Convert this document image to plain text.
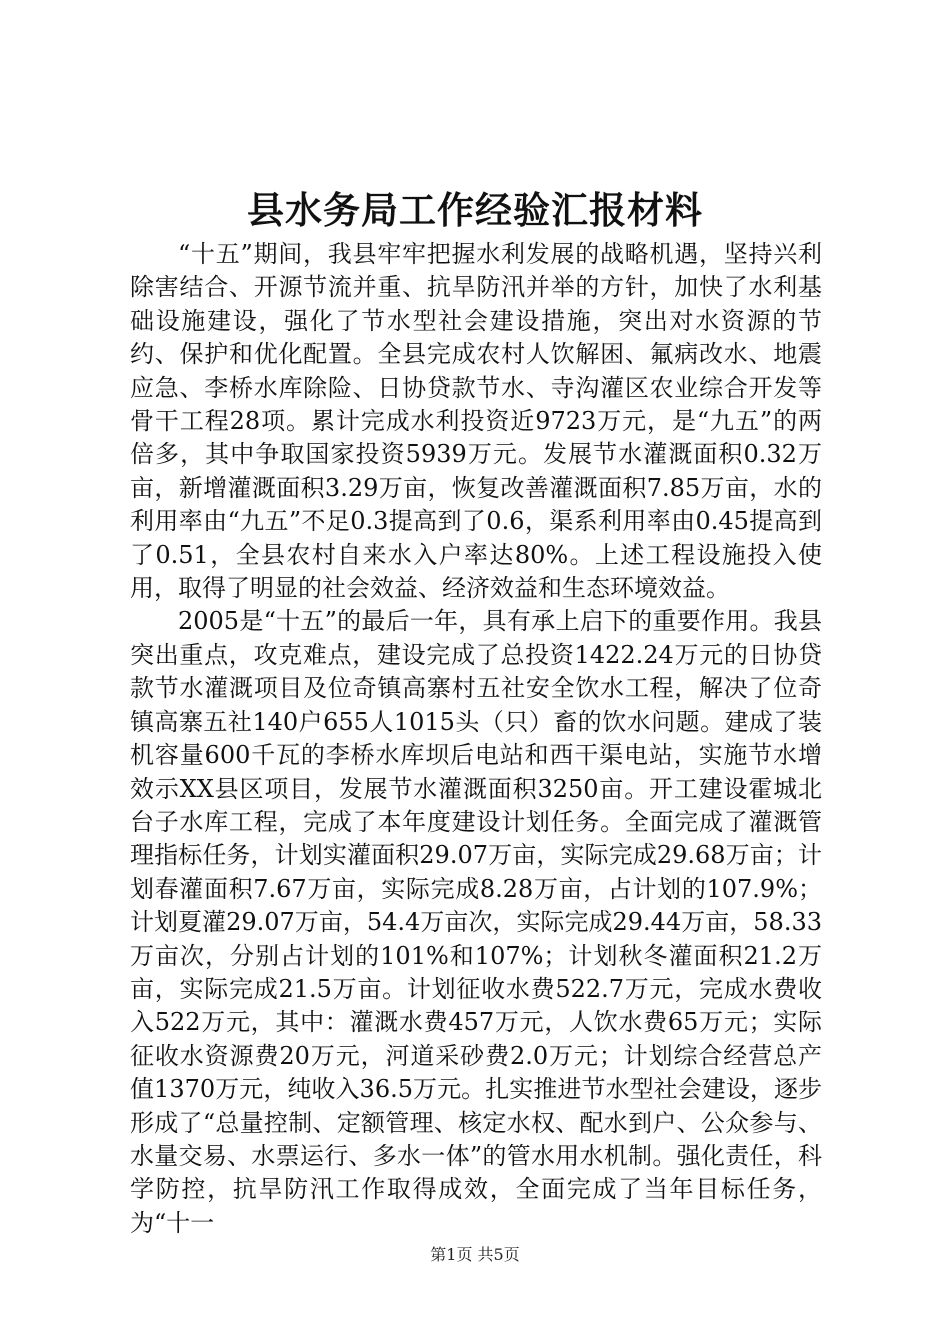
县水务局工作经验汇报材料

“十五”期间，我县牢牢把握水利发展的战略机遇，坚持兴利除害结合、开源节流并重、抗旱防汛并举的方针，加快了水利基础设施建设，强化了节水型社会建设措施，突出对水资源的节约、保护和优化配置。全县完成农村人饮解困、氟病改水、地震应急、李桥水库除险、日协贷款节水、寺沟灌区农业综合开发等骨干工程28项。累计完成水利投资近9723万元，是“九五”的两倍多，其中争取国家投资5939万元。发展节水灌溉面积0.32万亩，新增灌溉面积3.29万亩，恢复改善灌溉面积7.85万亩，水的利用率由“九五”不足0.3提高到了0.6，渠系利用率由0.45提高到了0.51，全县农村自来水入户率达80%。上述工程设施投入使用，取得了明显的社会效益、经济效益和生态环境效益。

2005是“十五”的最后一年，具有承上启下的重要作用。我县突出重点，攻克难点，建设完成了总投资1422.24万元的日协贷款节水灌溉项目及位奇镇高寨村五社安全饮水工程，解决了位奇镇高寨五社140户655人1015头（只）畜的饮水问题。建成了装机容量600千瓦的李桥水库坝后电站和西干渠电站，实施节水增效示XX县区项目，发展节水灌溉面积3250亩。开工建设霍城北台子水库工程，完成了本年度建设计划任务。全面完成了灌溉管理指标任务，计划实灌面积29.07万亩，实际完成29.68万亩；计划春灌面积7.67万亩，实际完成8.28万亩，占计划的107.9%；计划夏灌29.07万亩，54.4万亩次，实际完成29.44万亩，58.33万亩次，分别占计划的101%和107%；计划秋冬灌面积21.2万亩，实际完成21.5万亩。计划征收水费522.7万元，完成水费收入522万元，其中：灌溉水费457万元，人饮水费65万元；实际征收水资源费20万元，河道采砂费2.0万元；计划综合经营总产值1370万元，纯收入36.5万元。扎实推进节水型社会建设，逐步形成了“总量控制、定额管理、核定水权、配水到户、公众参与、水量交易、水票运行、多水一体”的管水用水机制。强化责任，科学防控，抗旱防汛工作取得成效，全面完成了当年目标任务，为“十一

第1页 共5页
